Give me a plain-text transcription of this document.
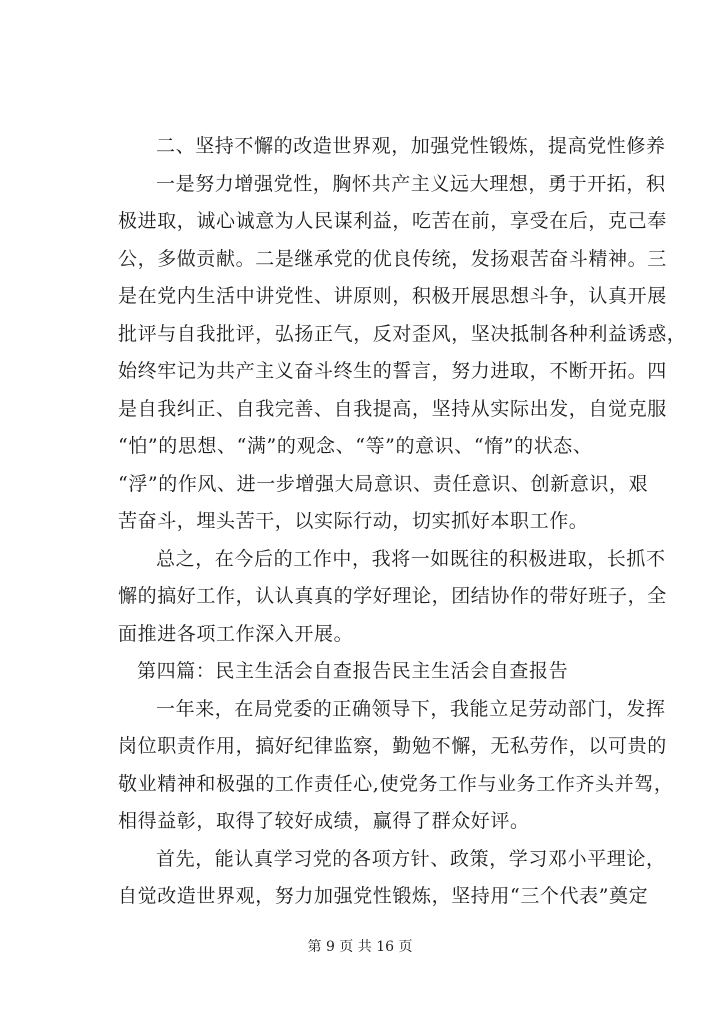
二、坚持不懈的改造世界观，加强党性锻炼，提高党性修养
一是努力增强党性，胸怀共产主义远大理想，勇于开拓，积
极进取，诚心诚意为人民谋利益，吃苦在前，享受在后，克己奉
公，多做贡献。二是继承党的优良传统，发扬艰苦奋斗精神。三
是在党内生活中讲党性、讲原则，积极开展思想斗争，认真开展
批评与自我批评，弘扬正气，反对歪风，坚决抵制各种利益诱惑，
始终牢记为共产主义奋斗终生的誓言，努力进取，不断开拓。四
是自我纠正、自我完善、自我提高，坚持从实际出发，自觉克服
“怕”的思想、“满”的观念、“等”的意识、“惰”的状态、
“浮”的作风、进一步增强大局意识、责任意识、创新意识，艰
苦奋斗，埋头苦干，以实际行动，切实抓好本职工作。
总之，在今后的工作中，我将一如既往的积极进取，长抓不
懈的搞好工作，认认真真的学好理论，团结协作的带好班子，全
面推进各项工作深入开展。
第四篇：民主生活会自查报告民主生活会自查报告
一年来，在局党委的正确领导下，我能立足劳动部门，发挥
岗位职责作用，搞好纪律监察，勤勉不懈，无私劳作，以可贵的
敬业精神和极强的工作责任心,使党务工作与业务工作齐头并驾，
相得益彰，取得了较好成绩，赢得了群众好评。
首先，能认真学习党的各项方针、政策，学习邓小平理论，
自觉改造世界观，努力加强党性锻炼，坚持用“三个代表”奠定
第 9 页 共 16 页
